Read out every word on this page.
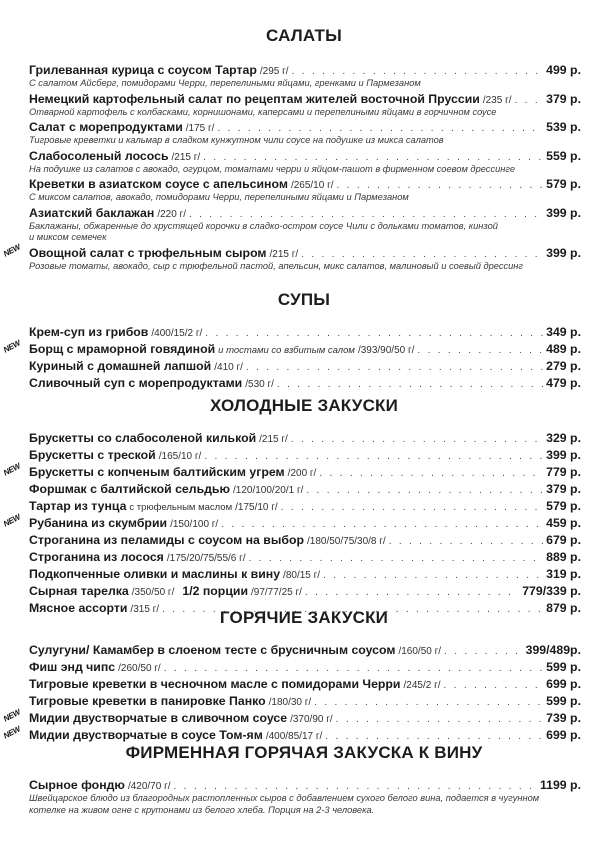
САЛАТЫ
Грилеванная курица с соусом Тартар /295 г/ . . .	499 р.
С салатом Айсберг, помидорами Черри, перепелиными яйцами, гренками и Пармезаном
Немецкий картофельный салат по рецептам жителей восточной Пруссии /235 г/ . . .	379 р.
Отварной картофель с колбасками, корнишонами, каперсами и перепелиными яйцами в горчичном соусе
Салат с морепродуктами /175 г/ . . .	539 р.
Тигровые креветки и кальмар в сладком кунжутном чили соусе на подушке из микса салатов
Слабосоленый лосось /215 г/ . . .	559 р.
На подушке из салатов с авокадо, огурцом, томатами черри и яйцом-пашот в фирменном соевом дрессинге
Креветки в азиатском соусе с апельсином /265/10 г/ . . .	579 р.
С миксом салатов, авокадо, помидорами Черри, перепелиными яйцами и Пармезаном
Азиатский баклажан /220 г/ . . .	399 р.
Баклажаны, обжаренные до хрустящей корочки в сладко-остром соусе Чили с дольками томатов, кинзой
и миксом семечек
NEW Овощной салат с трюфельным сыром /215 г/ . . .	399 р.
Розовые томаты, авокадо, сыр с трюфельной пастой, апельсин, микс салатов, малиновый и соевый дрессинг
СУПЫ
Крем-суп из грибов /400/15/2 г/ . . .	349 р.
NEW Борщ с мраморной говядиной и тостами со взбитым салом /393/90/50 г/ . . .	489 р.
Куриный с домашней лапшой /410 г/ . . .	279 р.
Сливочный суп с морепродуктами /530 г/ . . .	479 р.
ХОЛОДНЫЕ ЗАКУСКИ
Брускетты со слабосоленой килькой /215 г/ . . .	329 р.
Брускетты с треской /165/10 г/ . . .	399 р.
NEW Брускетты с копченым балтийским угрем /200 г/ . . .	779 р.
Форшмак с балтийской сельдью /120/100/20/1 г/ . . .	379 р.
Тартар из тунца с трюфельным маслом /175/10 г/ . . .	579 р.
NEW Рубанина из скумбрии /150/100 г/ . . .	459 р.
Строганина из пеламиды с соусом на выбор /180/50/75/30/8 г/ . . .	679 р.
Строганина из лосося /175/20/75/55/6 г/ . . .	889 р.
Подкопченные оливки и маслины к вину /80/15 г/ . . .	319 р.
Сырная тарелка /350/50 г/ 1/2 порции /97/77/25 г/ . . .	779/339 р.
Мясное ассорти /315 г/ . . .	879 р.
ГОРЯЧИЕ ЗАКУСКИ
Сулугуни/ Камамбер в слоеном тесте с брусничным соусом /160/50 г/ . . .	399/489р.
Фиш энд чипс /260/50 г/ . . .	599 р.
Тигровые креветки в чесночном масле с помидорами Черри /245/2 г/ . . .	699 р.
Тигровые креветки в панировке Панко /180/30 г/ . . .	599 р.
NEW Мидии двустворчатые в сливочном соусе /370/90 г/ . . .	739 р.
NEW Мидии двустворчатые в соусе Том-ям /400/85/17 г/ . . .	699 р.
ФИРМЕННАЯ ГОРЯЧАЯ ЗАКУСКА К ВИНУ
Сырное фондю /420/70 г/ . . .	1199 р.
Швейцарское блюдо из благородных растопленных сыров с добавлением сухого белого вина, подается в чугунном
котелке на живом огне с крутонами из белого хлеба. Порция на 2-3 человека.
